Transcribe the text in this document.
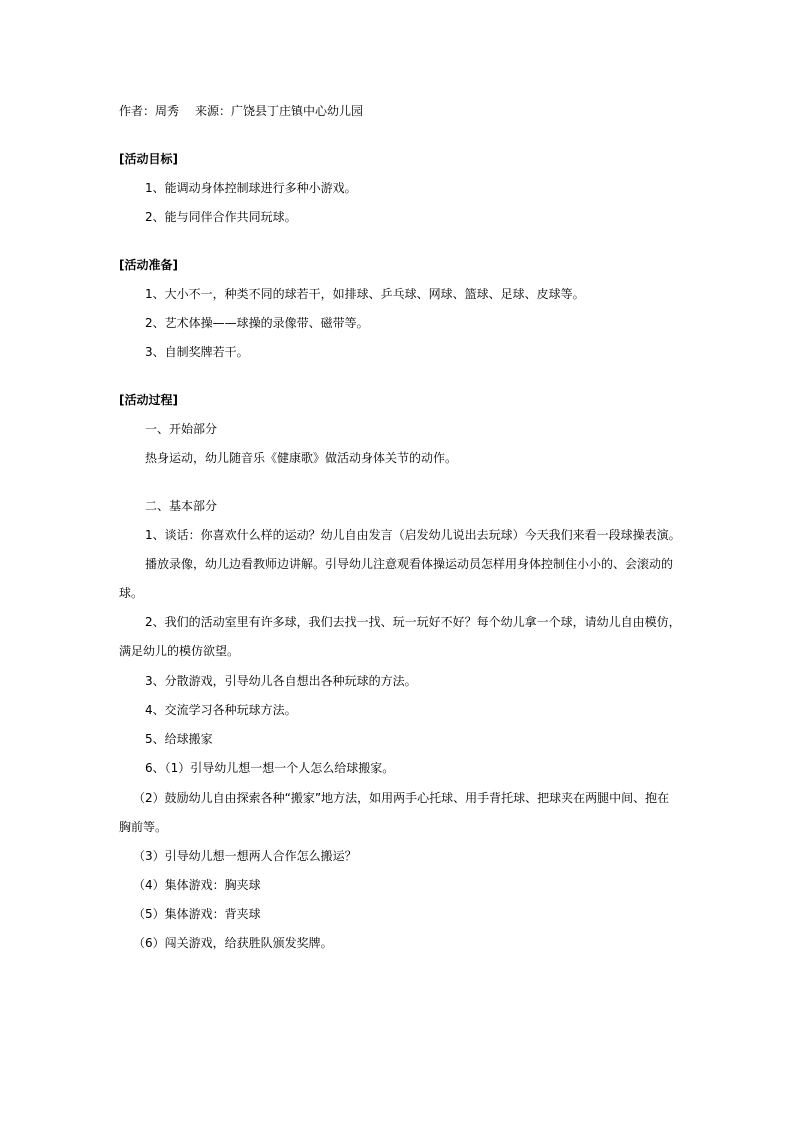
作者：周秀 来源：广饶县丁庄镇中心幼儿园
[活动目标]
1、能调动身体控制球进行多种小游戏。
2、能与同伴合作共同玩球。
[活动准备]
1、大小不一，种类不同的球若干，如排球、乒乓球、网球、篮球、足球、皮球等。
2、艺术体操——球操的录像带、磁带等。
3、自制奖牌若干。
[活动过程]
一、开始部分
热身运动，幼儿随音乐《健康歌》做活动身体关节的动作。
二、基本部分
1、谈话：你喜欢什么样的运动？幼儿自由发言（启发幼儿说出去玩球）今天我们来看一段球操表演。
播放录像，幼儿边看教师边讲解。引导幼儿注意观看体操运动员怎样用身体控制住小小的、会滚动的
球。
2、我们的活动室里有许多球，我们去找一找、玩一玩好不好？每个幼儿拿一个球，请幼儿自由模仿，
满足幼儿的模仿欲望。
3、分散游戏，引导幼儿各自想出各种玩球的方法。
4、交流学习各种玩球方法。
5、给球搬家
6、（1）引导幼儿想一想一个人怎么给球搬家。
（2）鼓励幼儿自由探索各种“搬家”地方法，如用两手心托球、用手背托球、把球夹在两腿中间、抱在
胸前等。
（3）引导幼儿想一想两人合作怎么搬运？
（4）集体游戏：胸夹球
（5）集体游戏：背夹球
（6）闯关游戏，给获胜队颁发奖牌。
